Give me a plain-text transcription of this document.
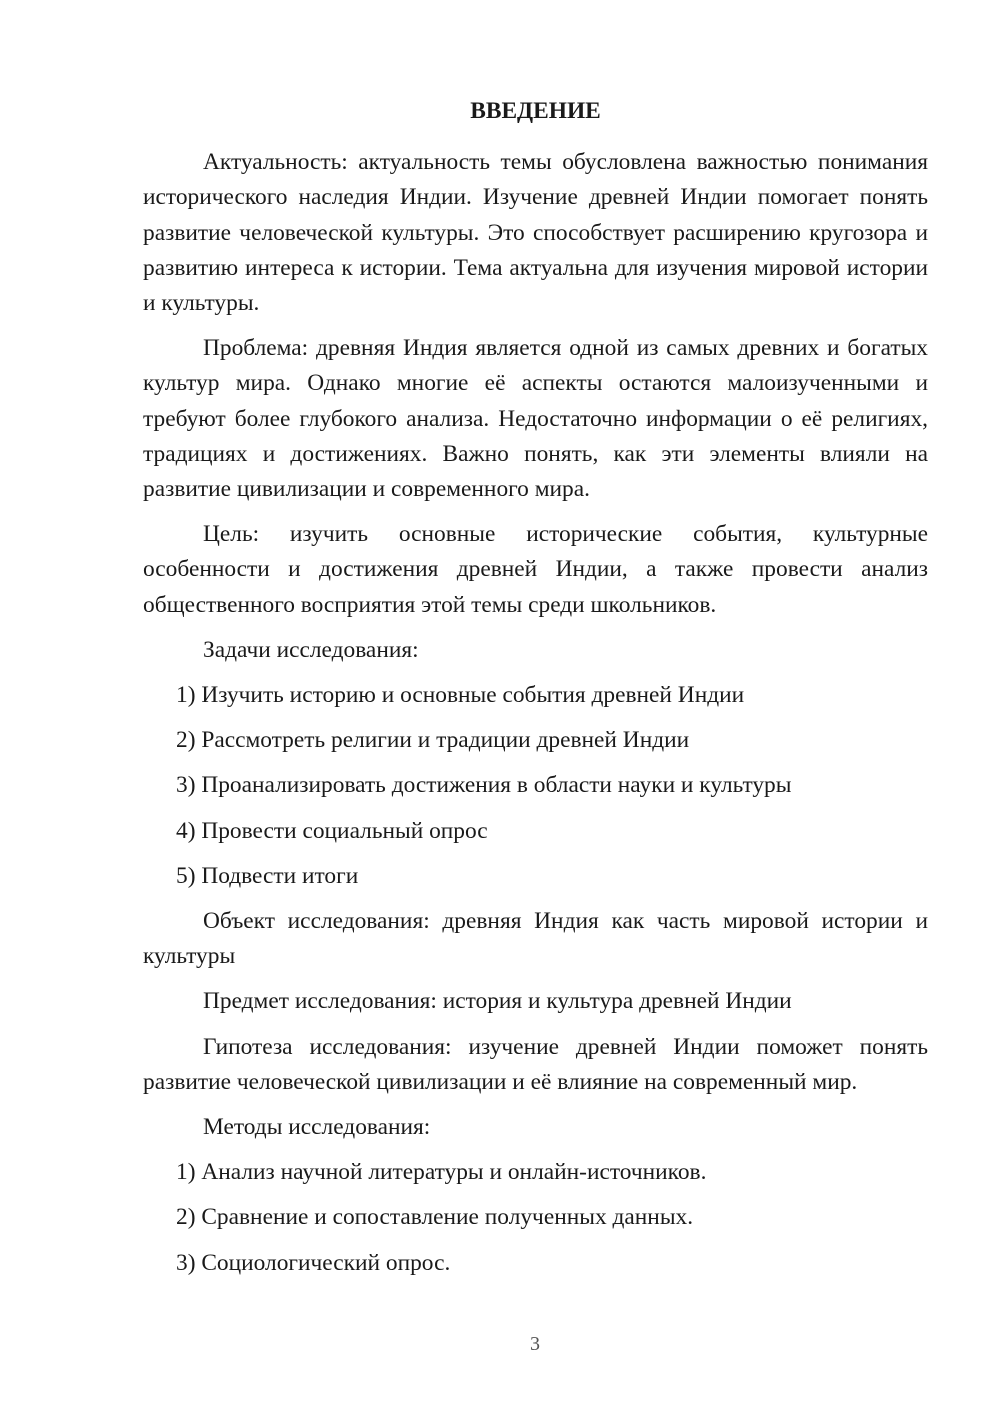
ВВЕДЕНИЕ

Актуальность: актуальность темы обусловлена важностью понимания исторического наследия Индии. Изучение древней Индии помогает понять развитие человеческой культуры. Это способствует расширению кругозора и развитию интереса к истории. Тема актуальна для изучения мировой истории и культуры.

Проблема: древняя Индия является одной из самых древних и богатых культур мира. Однако многие её аспекты остаются малоизученными и требуют более глубокого анализа. Недостаточно информации о её религиях, традициях и достижениях. Важно понять, как эти элементы влияли на развитие цивилизации и современного мира.

Цель: изучить основные исторические события, культурные особенности и достижения древней Индии, а также провести анализ общественного восприятия этой темы среди школьников.

Задачи исследования:

1) Изучить историю и основные события древней Индии
2) Рассмотреть религии и традиции древней Индии
3) Проанализировать достижения в области науки и культуры
4) Провести социальный опрос
5) Подвести итоги

Объект исследования: древняя Индия как часть мировой истории и культуры

Предмет исследования: история и культура древней Индии

Гипотеза исследования: изучение древней Индии поможет понять развитие человеческой цивилизации и её влияние на современный мир.

Методы исследования:

1) Анализ научной литературы и онлайн-источников.
2) Сравнение и сопоставление полученных данных.
3) Социологический опрос.
3
